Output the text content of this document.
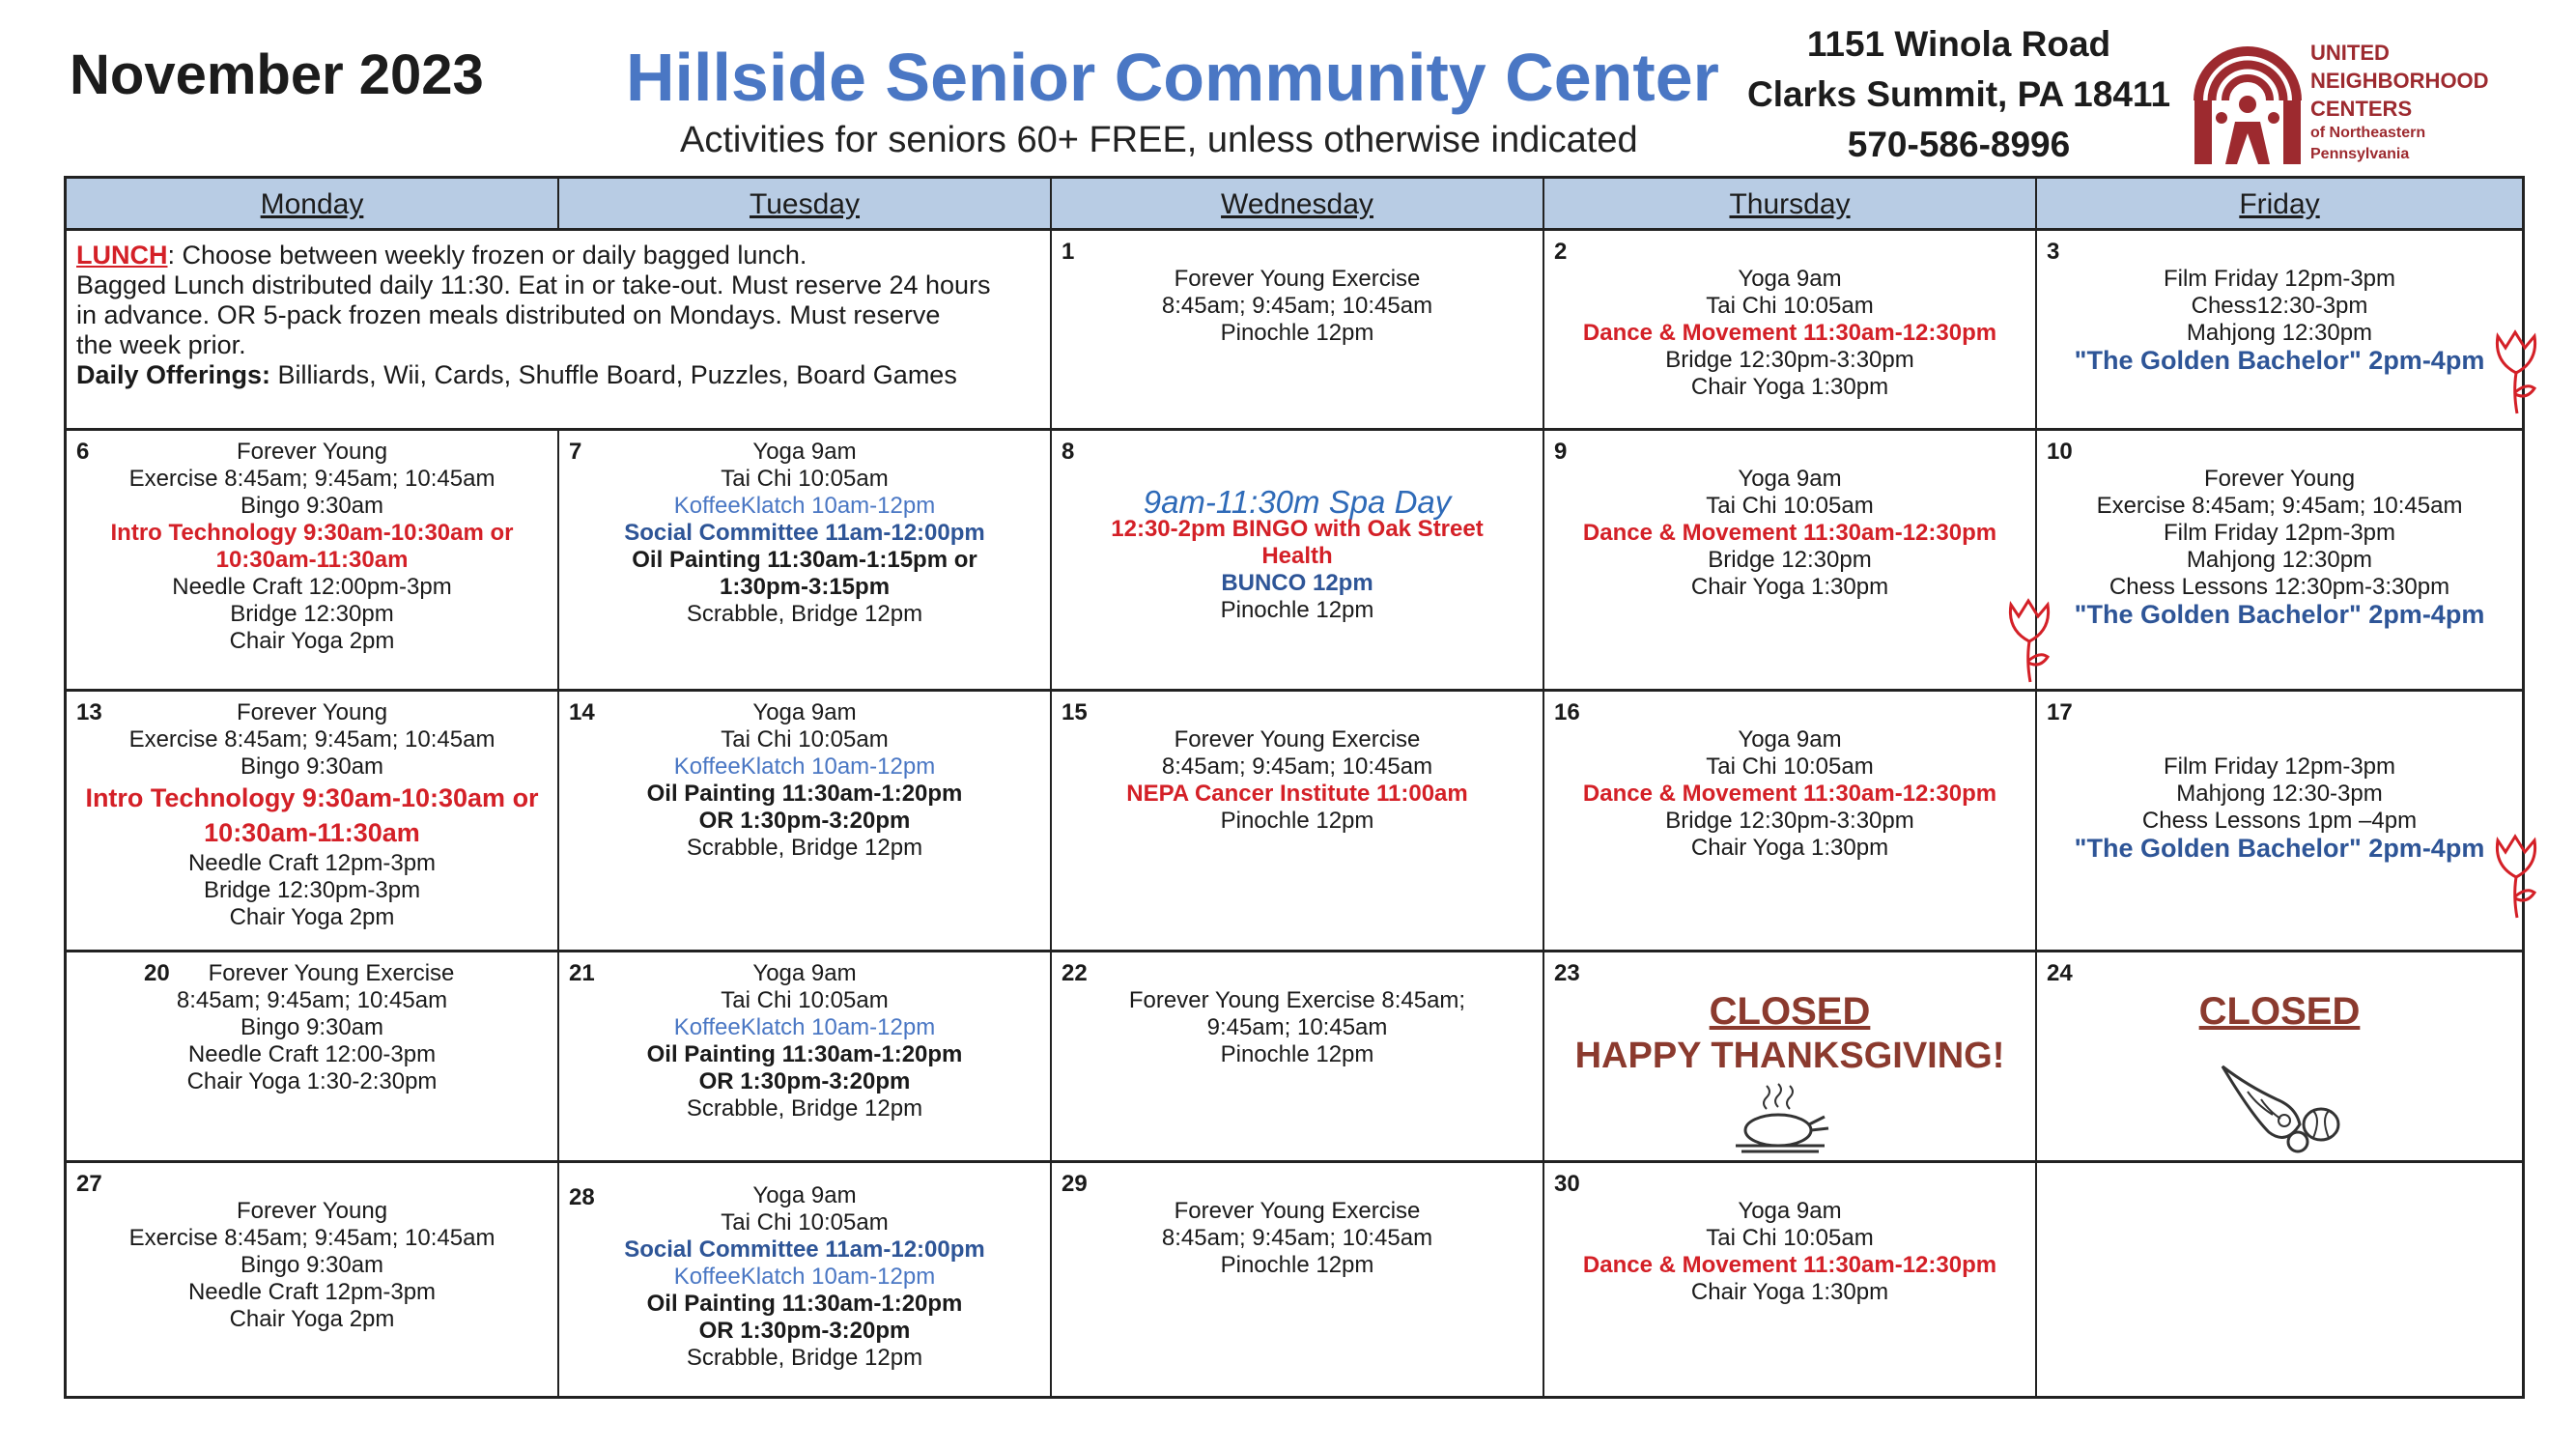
November 2023 Hillside Senior Community Center
Activities for seniors 60+ FREE, unless otherwise indicated
1151 Winola Road
Clarks Summit, PA 18411
570-586-8996
UNITED
NEIGHBORHOOD
CENTERS
of Northeastern
Pennsylvania
Monday	Tuesday	Wednesday	Thursday	Friday
LUNCH: Choose between weekly frozen or daily bagged lunch.
Bagged Lunch distributed daily 11:30. Eat in or take-out. Must reserve 24 hours
in advance. OR 5-pack frozen meals distributed on Mondays. Must reserve
the week prior.
Daily Offerings: Billiards, Wii, Cards, Shuffle Board, Puzzles, Board Games
1
Forever Young Exercise
8:45am; 9:45am; 10:45am
Pinochle 12pm
2
Yoga 9am
Tai Chi 10:05am
Dance & Movement 11:30am-12:30pm
Bridge 12:30pm-3:30pm
Chair Yoga 1:30pm
3
Film Friday 12pm-3pm
Chess12:30-3pm
Mahjong 12:30pm
"The Golden Bachelor" 2pm-4pm
6	Forever Young
Exercise 8:45am; 9:45am; 10:45am
Bingo 9:30am
Intro Technology 9:30am-10:30am or
10:30am-11:30am
Needle Craft 12:00pm-3pm
Bridge 12:30pm
Chair Yoga 2pm
7	Yoga 9am
Tai Chi 10:05am
KoffeeKlatch 10am-12pm
Social Committee 11am-12:00pm
Oil Painting 11:30am-1:15pm or
1:30pm-3:15pm
Scrabble, Bridge 12pm
8
9am-11:30m Spa Day
12:30-2pm BINGO with Oak Street
Health
BUNCO 12pm
Pinochle 12pm
9
Yoga 9am
Tai Chi 10:05am
Dance & Movement 11:30am-12:30pm
Bridge 12:30pm
Chair Yoga 1:30pm
10
Forever Young
Exercise 8:45am; 9:45am; 10:45am
Film Friday 12pm-3pm
Mahjong 12:30pm
Chess Lessons 12:30pm-3:30pm
"The Golden Bachelor" 2pm-4pm
13	Forever Young
Exercise 8:45am; 9:45am; 10:45am
Bingo 9:30am
Intro Technology 9:30am-10:30am or
10:30am-11:30am
Needle Craft 12pm-3pm
Bridge 12:30pm-3pm
Chair Yoga 2pm
14	Yoga 9am
Tai Chi 10:05am
KoffeeKlatch 10am-12pm
Oil Painting 11:30am-1:20pm
OR 1:30pm-3:20pm
Scrabble, Bridge 12pm
15
Forever Young Exercise
8:45am; 9:45am; 10:45am
NEPA Cancer Institute 11:00am
Pinochle 12pm
16
Yoga 9am
Tai Chi 10:05am
Dance & Movement 11:30am-12:30pm
Bridge 12:30pm-3:30pm
Chair Yoga 1:30pm
17
Film Friday 12pm-3pm
Mahjong 12:30-3pm
Chess Lessons 1pm –4pm
"The Golden Bachelor" 2pm-4pm
20	Forever Young Exercise
8:45am; 9:45am; 10:45am
Bingo 9:30am
Needle Craft 12:00-3pm
Chair Yoga 1:30-2:30pm
21	Yoga 9am
Tai Chi 10:05am
KoffeeKlatch 10am-12pm
Oil Painting 11:30am-1:20pm
OR 1:30pm-3:20pm
Scrabble, Bridge 12pm
22
Forever Young Exercise 8:45am;
9:45am; 10:45am
Pinochle 12pm
23
CLOSED
HAPPY THANKSGIVING!
24
CLOSED
27
Forever Young
Exercise 8:45am; 9:45am; 10:45am
Bingo 9:30am
Needle Craft 12pm-3pm
Chair Yoga 2pm
28	Yoga 9am
Tai Chi 10:05am
Social Committee 11am-12:00pm
KoffeeKlatch 10am-12pm
Oil Painting 11:30am-1:20pm
OR 1:30pm-3:20pm
Scrabble, Bridge 12pm
29
Forever Young Exercise
8:45am; 9:45am; 10:45am
Pinochle 12pm
30
Yoga 9am
Tai Chi 10:05am
Dance & Movement 11:30am-12:30pm
Chair Yoga 1:30pm
